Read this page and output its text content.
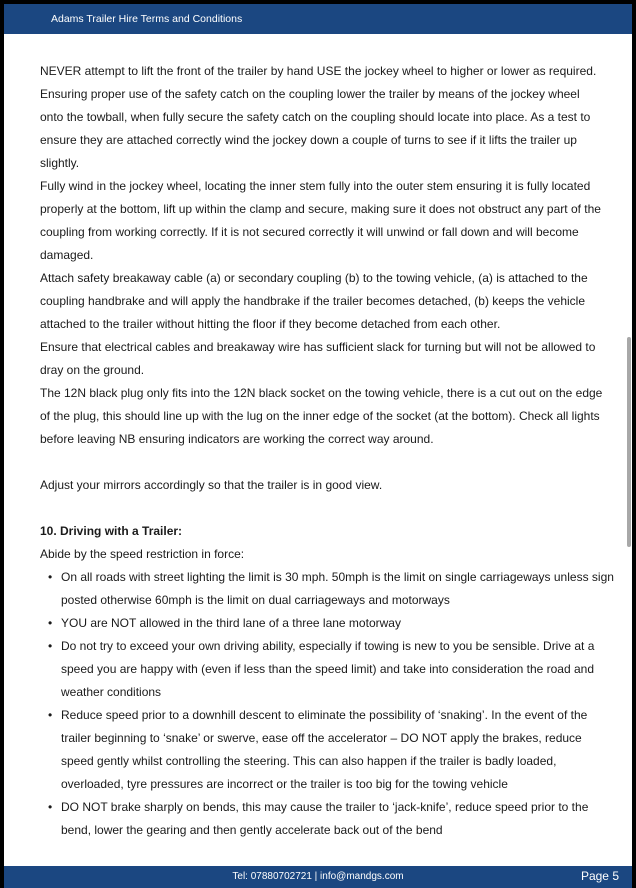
Adams Trailer Hire Terms and Conditions
NEVER attempt to lift the front of the trailer by hand USE the jockey wheel to higher or lower as required.
Ensuring proper use of the safety catch on the coupling lower the trailer by means of the jockey wheel
onto the towball, when fully secure the safety catch on the coupling should locate into place. As a test to
ensure they are attached correctly wind the jockey down a couple of turns to see if it lifts the trailer up
slightly.
Fully wind in the jockey wheel, locating the inner stem fully into the outer stem ensuring it is fully located
properly at the bottom, lift up within the clamp and secure, making sure it does not obstruct any part of the
coupling from working correctly. If it is not secured correctly it will unwind or fall down and will become
damaged.
Attach safety breakaway cable (a) or secondary coupling (b) to the towing vehicle, (a) is attached to the
coupling handbrake and will apply the handbrake if the trailer becomes detached, (b) keeps the vehicle
attached to the trailer without hitting the floor if they become detached from each other.
Ensure that electrical cables and breakaway wire has sufficient slack for turning but will not be allowed to
dray on the ground.
The 12N black plug only fits into the 12N black socket on the towing vehicle, there is a cut out on the edge
of the plug, this should line up with the lug on the inner edge of the socket (at the bottom). Check all lights
before leaving NB ensuring indicators are working the correct way around.
Adjust your mirrors accordingly so that the trailer is in good view.
10. Driving with a Trailer:
Abide by the speed restriction in force:
• On all roads with street lighting the limit is 30 mph. 50mph is the limit on single carriageways unless sign
posted otherwise 60mph is the limit on dual carriageways and motorways
• YOU are NOT allowed in the third lane of a three lane motorway
• Do not try to exceed your own driving ability, especially if towing is new to you be sensible. Drive at a
speed you are happy with (even if less than the speed limit) and take into consideration the road and
weather conditions
• Reduce speed prior to a downhill descent to eliminate the possibility of ‘snaking’. In the event of the
trailer beginning to ‘snake’ or swerve, ease off the accelerator – DO NOT apply the brakes, reduce
speed gently whilst controlling the steering. This can also happen if the trailer is badly loaded,
overloaded, tyre pressures are incorrect or the trailer is too big for the towing vehicle
• DO NOT brake sharply on bends, this may cause the trailer to ‘jack-knife’, reduce speed prior to the
bend, lower the gearing and then gently accelerate back out of the bend
Tel: 07880702721 | info@mandgs.com	Page 5
